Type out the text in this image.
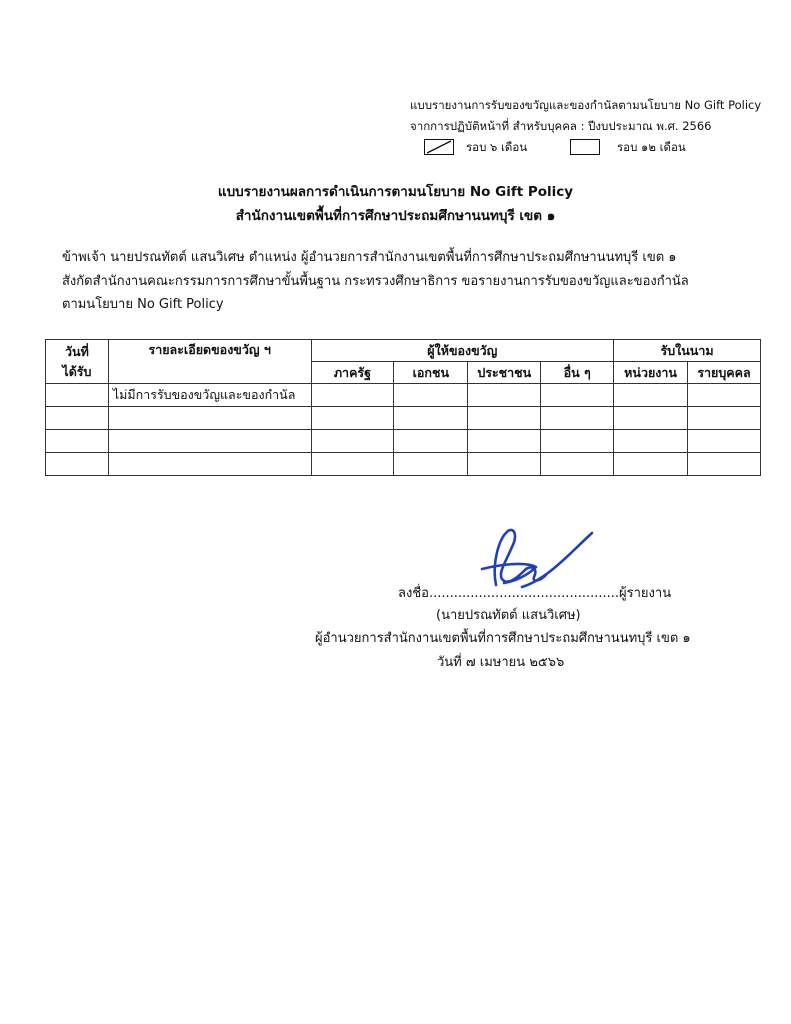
แบบรายงานการรับของขวัญและของกำนัลตามนโยบาย No Gift Policy
จากการปฏิบัติหน้าที่ สำหรับบุคคล : ปีงบประมาณ พ.ศ. 2566
รอบ ๖ เดือน	รอบ ๑๒ เดือน
แบบรายงานผลการดำเนินการตามนโยบาย No Gift Policy
สำนักงานเขตพื้นที่การศึกษาประถมศึกษานนทบุรี เขต ๑
ข้าพเจ้า นายปรณทัตต์ แสนวิเศษ ตำแหน่ง ผู้อำนวยการสำนักงานเขตพื้นที่การศึกษาประถมศึกษานนทบุรี เขต ๑
สังกัดสำนักงานคณะกรรมการการศึกษาขั้นพื้นฐาน กระทรวงศึกษาธิการ ขอรายงานการรับของขวัญและของกำนัล
ตามนโยบาย No Gift Policy
วันที่
ได้รับ	รายละเอียดของขวัญ ฯ	ผู้ให้ของขวัญ				รับในนาม	
		ภาครัฐ	เอกชน	ประชาชน	อื่น ๆ	หน่วยงาน	รายบุคคล
	ไม่มีการรับของขวัญและของกำนัล						

ลงชื่อ..............................................ผู้รายงาน
(นายปรณทัตต์ แสนวิเศษ)
ผู้อำนวยการสำนักงานเขตพื้นที่การศึกษาประถมศึกษานนทบุรี เขต ๑
วันที่ ๗ เมษายน ๒๕๖๖
